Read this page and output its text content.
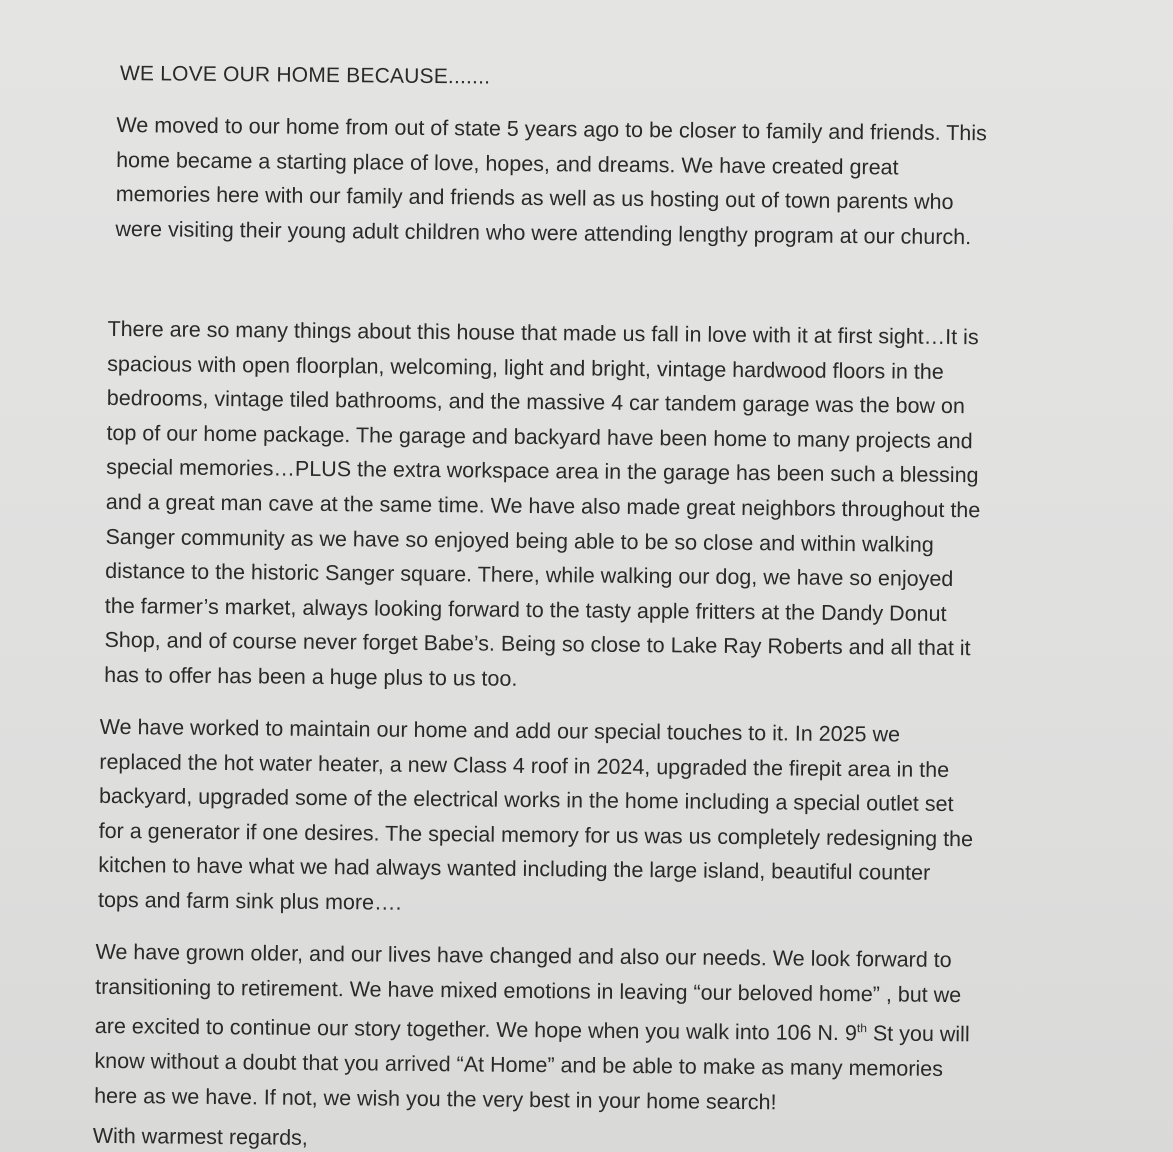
WE LOVE OUR HOME BECAUSE.......

We moved to our home from out of state 5 years ago to be closer to family and friends. This
home became a starting place of love, hopes, and dreams. We have created great
memories here with our family and friends as well as us hosting out of town parents who
were visiting their young adult children who were attending lengthy program at our church.

There are so many things about this house that made us fall in love with it at first sight…It is
spacious with open floorplan, welcoming, light and bright, vintage hardwood floors in the
bedrooms, vintage tiled bathrooms, and the massive 4 car tandem garage was the bow on
top of our home package. The garage and backyard have been home to many projects and
special memories…PLUS the extra workspace area in the garage has been such a blessing
and a great man cave at the same time. We have also made great neighbors throughout the
Sanger community as we have so enjoyed being able to be so close and within walking
distance to the historic Sanger square. There, while walking our dog, we have so enjoyed
the farmer’s market, always looking forward to the tasty apple fritters at the Dandy Donut
Shop, and of course never forget Babe’s. Being so close to Lake Ray Roberts and all that it
has to offer has been a huge plus to us too.

We have worked to maintain our home and add our special touches to it. In 2025 we
replaced the hot water heater, a new Class 4 roof in 2024, upgraded the firepit area in the
backyard, upgraded some of the electrical works in the home including a special outlet set
for a generator if one desires. The special memory for us was us completely redesigning the
kitchen to have what we had always wanted including the large island, beautiful counter
tops and farm sink plus more….

We have grown older, and our lives have changed and also our needs. We look forward to
transitioning to retirement. We have mixed emotions in leaving “our beloved home” , but we
are excited to continue our story together. We hope when you walk into 106 N. 9th St you will
know without a doubt that you arrived “At Home” and be able to make as many memories
here as we have. If not, we wish you the very best in your home search!

With warmest regards,
